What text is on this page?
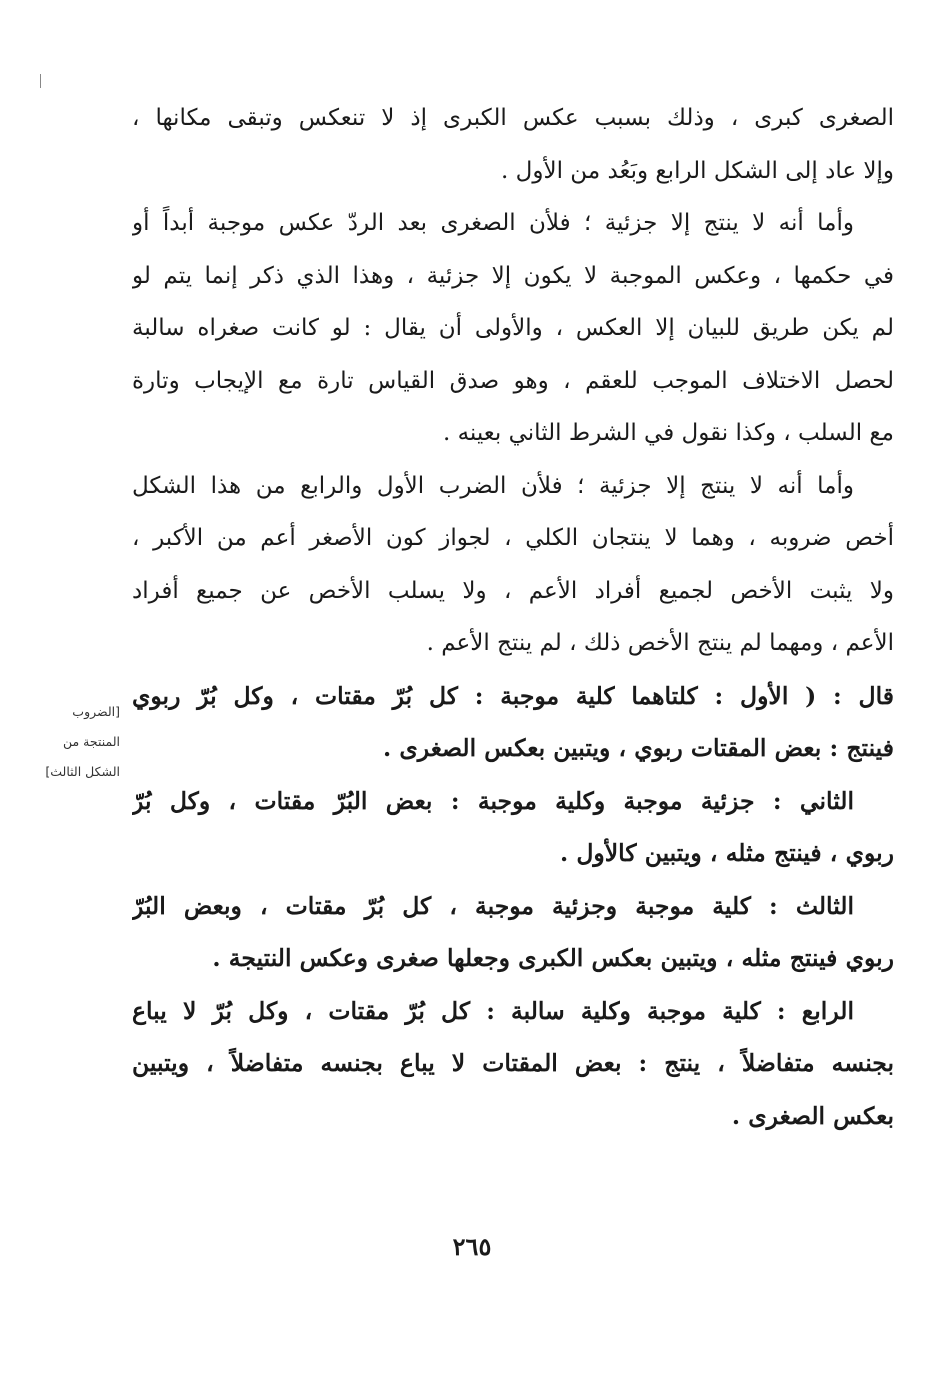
الصغرى كبرى ، وذلك بسبب عكس الكبرى إذ لا تنعكس وتبقى مكانها ،
وإلا عاد إلى الشكل الرابع وبَعُد من الأول .
وأما أنه لا ينتج إلا جزئية ؛ فلأن الصغرى بعد الردّ عكس موجبة أبداً أو
في حكمها ، وعكس الموجبة لا يكون إلا جزئية ، وهذا الذي ذكر إنما يتم لو
لم يكن طريق للبيان إلا العكس ، والأولى أن يقال : لو كانت صغراه سالبة
لحصل الاختلاف الموجب للعقم ، وهو صدق القياس تارة مع الإيجاب وتارة
مع السلب ، وكذا نقول في الشرط الثاني بعينه .
وأما أنه لا ينتج إلا جزئية ؛ فلأن الضرب الأول والرابع من هذا الشكل
أخص ضروبه ، وهما لا ينتجان الكلي ، لجواز كون الأصغر أعم من الأكبر ،
ولا يثبت الأخص لجميع أفراد الأعم ، ولا يسلب الأخص عن جميع أفراد
الأعم ، ومهما لم ينتج الأخص ذلك ، لم ينتج الأعم .
قال : ( الأول : كلتاهما كلية موجبة : كل بُرّ مقتات ، وكل بُرّ ربوي
فينتج : بعض المقتات ربوي ، ويتبين بعكس الصغرى .
الثاني : جزئية موجبة وكلية موجبة : بعض البُرّ مقتات ، وكل بُرّ
ربوي ، فينتج مثله ، ويتبين كالأول .
الثالث : كلية موجبة وجزئية موجبة ، كل بُرّ مقتات ، وبعض البُرّ
ربوي فينتج مثله ، ويتبين بعكس الكبرى وجعلها صغرى وعكس النتيجة .
الرابع : كلية موجبة وكلية سالبة : كل بُرّ مقتات ، وكل بُرّ لا يباع
بجنسه متفاضلاً ، ينتج : بعض المقتات لا يباع بجنسه متفاضلاً ، ويتبين
بعكس الصغرى .
[الضروب
المنتجة من
الشكل الثالث]
٢٦٥
